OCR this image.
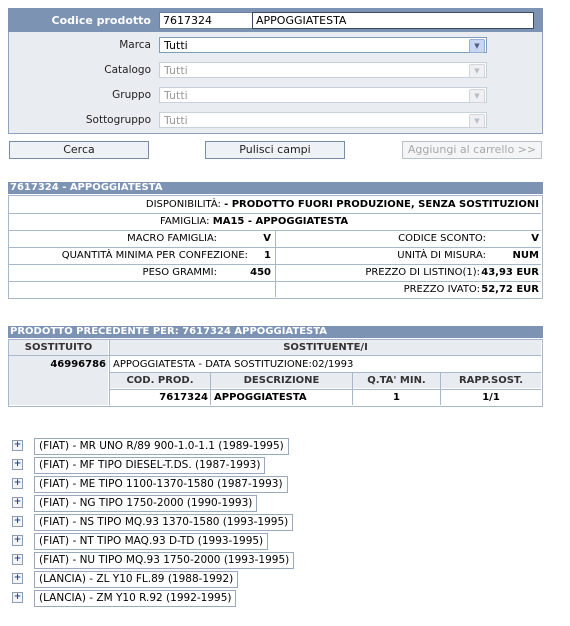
Codice prodotto	7617324	APPOGGIATESTA
Marca	Tutti	▼
Catalogo	Tutti	▼
Gruppo	Tutti	▼
Sottogruppo	Tutti	▼
Cerca	Pulisci campi	Aggiungi al carrello >>
7617324 - APPOGGIATESTA
DISPONIBILITÀ: - PRODOTTO FUORI PRODUZIONE, SENZA SOSTITUZIONI
FAMIGLIA: MA15 - APPOGGIATESTA
MACRO FAMIGLIA:	V	CODICE SCONTO:	V
QUANTITÀ MINIMA PER CONFEZIONE:	1	UNITÀ DI MISURA:	NUM
PESO GRAMMI:	450	PREZZO DI LISTINO(1): 43,93 EUR
PREZZO IVATO: 52,72 EUR
PRODOTTO PRECEDENTE PER: 7617324 APPOGGIATESTA
SOSTITUITO	SOSTITUENTE/I
46996786 APPOGGIATESTA - DATA SOSTITUZIONE:02/1993
COD. PROD.	DESCRIZIONE	Q.TA' MIN.	RAPP.SOST.
7617324 APPOGGIATESTA	1	1/1
+	(FIAT) - MR UNO R/89 900-1.0-1.1 (1989-1995)
+	(FIAT) - MF TIPO DIESEL-T.DS. (1987-1993)
+	(FIAT) - ME TIPO 1100-1370-1580 (1987-1993)
+	(FIAT) - NG TIPO 1750-2000 (1990-1993)
+	(FIAT) - NS TIPO MQ.93 1370-1580 (1993-1995)
+	(FIAT) - NT TIPO MAQ.93 D-TD (1993-1995)
+	(FIAT) - NU TIPO MQ.93 1750-2000 (1993-1995)
+	(LANCIA) - ZL Y10 FL.89 (1988-1992)
+	(LANCIA) - ZM Y10 R.92 (1992-1995)
